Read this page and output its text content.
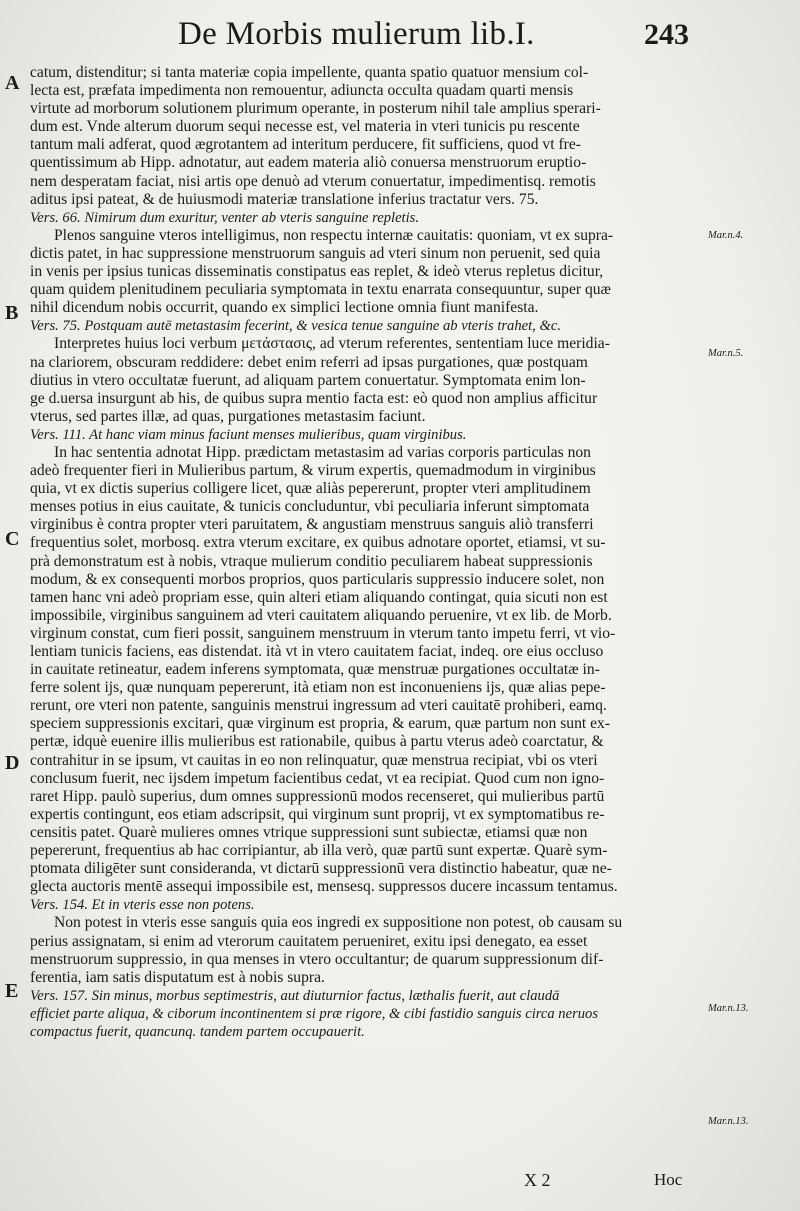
De Morbis mulierum lib.I.	243
A
B
C
D
E
Mar.n.4.
Mar.n.5.
Mar.n.13.
Mar.n.13.
catum, distenditur; si tanta materiæ copia impellente, quanta spatio quatuor mensium col-
lecta est, præfata impedimenta non remouentur, adiuncta occulta quadam quarti mensis
virtute ad morborum solutionem plurimum operante, in posterum nihil tale amplius sperari-
dum est. Vnde alterum duorum sequi necesse est, vel materia in vteri tunicis pu rescente
tantum mali adferat, quod ægrotantem ad interitum perducere, fit sufficiens, quod vt fre-
quentissimum ab Hipp. adnotatur, aut eadem materia aliò conuersa menstruorum eruptio-
nem desperatam faciat, nisi artis ope denuò ad vterum conuertatur, impedimentisq. remotis
aditus ipsi pateat, & de huiusmodi materiæ translatione inferius tractatur vers. 75.
Vers. 66. Nimirum dum exuritur, venter ab vteris sanguine repletis.
Plenos sanguine vteros intelligimus, non respectu internæ cauitatis: quoniam, vt ex supra-
dictis patet, in hac suppressione menstruorum sanguis ad vteri sinum non peruenit, sed quia
in venis per ipsius tunicas disseminatis constipatus eas replet, & ideò vterus repletus dicitur,
quam quidem plenitudinem peculiaria symptomata in textu enarrata consequuntur, super quæ
nihil dicendum nobis occurrit, quando ex simplici lectione omnia fiunt manifesta.
Vers. 75. Postquam autē metastasim fecerint, & vesica tenue sanguine ab vteris trahet, &c.
Interpretes huius loci verbum μετάστασις, ad vterum referentes, sententiam luce meridia-
na clariorem, obscuram reddidere: debet enim referri ad ipsas purgationes, quæ postquam
diutius in vtero occultatæ fuerunt, ad aliquam partem conuertatur. Symptomata enim lon-
ge d.uersa insurgunt ab his, de quibus supra mentio facta est: eò quod non amplius afficitur
vterus, sed partes illæ, ad quas, purgationes metastasim faciunt.
Vers. 111. At hanc viam minus faciunt menses mulieribus, quam virginibus.
In hac sententia adnotat Hipp. prædictam metastasim ad varias corporis particulas non
adeò frequenter fieri in Mulieribus partum, & virum expertis, quemadmodum in virginibus
quia, vt ex dictis superius colligere licet, quæ aliàs pepererunt, propter vteri amplitudinem
menses potius in eius cauitate, & tunicis concluduntur, vbi peculiaria inferunt simptomata
virginibus è contra propter vteri paruitatem, & angustiam menstruus sanguis aliò transferri
frequentius solet, morbosq. extra vterum excitare, ex quibus adnotare oportet, etiamsi, vt su-
prà demonstratum est à nobis, vtraque mulierum conditio peculiarem habeat suppressionis
modum, & ex consequenti morbos proprios, quos particularis suppressio inducere solet, non
tamen hanc vni adeò propriam esse, quin alteri etiam aliquando contingat, quia sicuti non est
impossibile, virginibus sanguinem ad vteri cauitatem aliquando peruenire, vt ex lib. de Morb.
virginum constat, cum fieri possit, sanguinem menstruum in vterum tanto impetu ferri, vt vio-
lentiam tunicis faciens, eas distendat. ità vt in vtero cauitatem faciat, indeq. ore eius occluso
in cauitate retineatur, eadem inferens symptomata, quæ menstruæ purgationes occultatæ in-
ferre solent ijs, quæ nunquam pepererunt, ità etiam non est inconueniens ijs, quæ alias pepe-
rerunt, ore vteri non patente, sanguinis menstrui ingressum ad vteri cauitatē prohiberi, eamq.
speciem suppressionis excitari, quæ virginum est propria, & earum, quæ partum non sunt ex-
pertæ, idquè euenire illis mulieribus est rationabile, quibus à partu vterus adeò coarctatur, &
contrahitur in se ipsum, vt cauitas in eo non relinquatur, quæ menstrua recipiat, vbi os vteri
conclusum fuerit, nec ijsdem impetum facientibus cedat, vt ea recipiat. Quod cum non igno-
raret Hipp. paulò superius, dum omnes suppressionū modos recenseret, qui mulieribus partū
expertis contingunt, eos etiam adscripsit, qui virginum sunt proprij, vt ex symptomatibus re-
censitis patet. Quarè mulieres omnes vtrique suppressioni sunt subiectæ, etiamsi quæ non
pepererunt, frequentius ab hac corripiantur, ab illa verò, quæ partū sunt expertæ. Quarè sym-
ptomata diligēter sunt consideranda, vt dictarū suppressionū vera distinctio habeatur, quæ ne-
glecta auctoris mentē assequi impossibile est, mensesq. suppressos ducere incassum tentamus.
Vers. 154. Et in vteris esse non potens.
Non potest in vteris esse sanguis quia eos ingredi ex suppositione non potest, ob causam su
perius assignatam, si enim ad vterorum cauitatem perueniret, exitu ipsi denegato, ea esset
menstruorum suppressio, in qua menses in vtero occultantur; de quarum suppressionum dif-
ferentia, iam satis disputatum est à nobis supra.
Vers. 157. Sin minus, morbus septimestris, aut diuturnior factus, læthalis fuerit, aut claudā
efficiet parte aliqua, & ciborum incontinentem si præ rigore, & cibi fastidio sanguis circa neruos
compactus fuerit, quancunq. tandem partem occupauerit.
X 2	Hoc
